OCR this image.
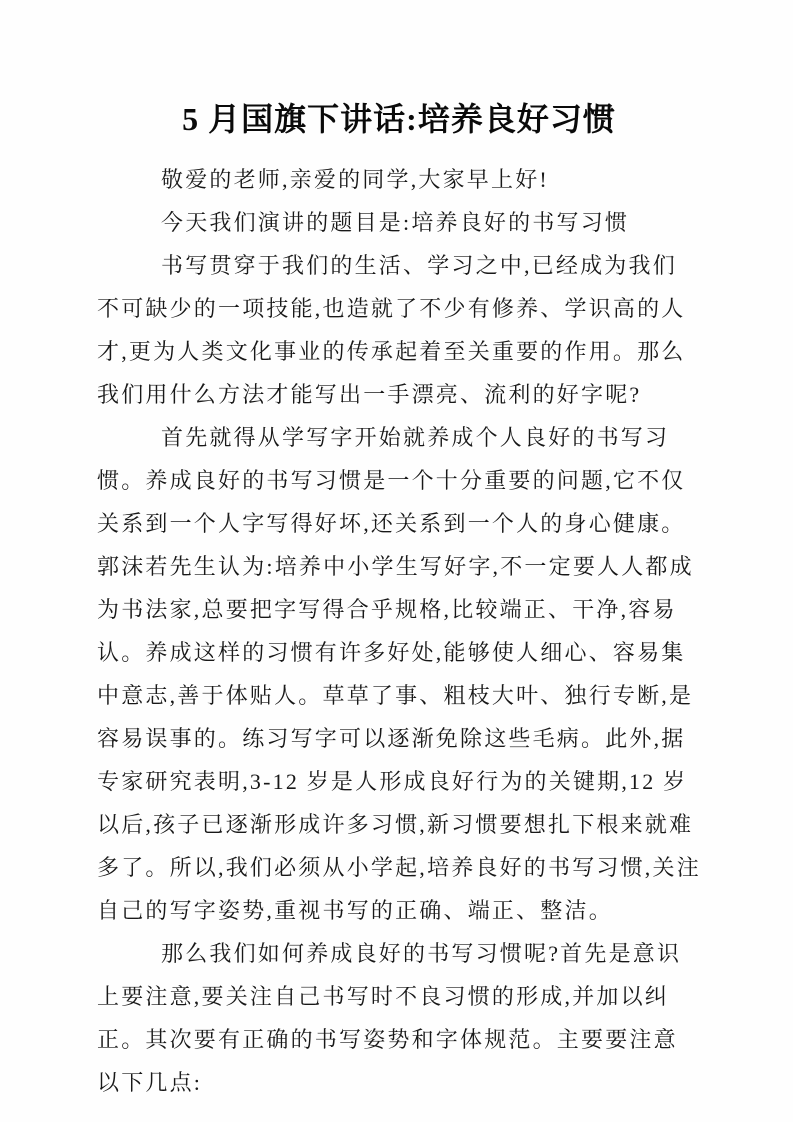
5 月国旗下讲话:培养良好习惯

敬爱的老师,亲爱的同学,大家早上好!

今天我们演讲的题目是:培养良好的书写习惯

书写贯穿于我们的生活、学习之中,已经成为我们不可缺少的一项技能,也造就了不少有修养、学识高的人才,更为人类文化事业的传承起着至关重要的作用。那么我们用什么方法才能写出一手漂亮、流利的好字呢?

首先就得从学写字开始就养成个人良好的书写习惯。养成良好的书写习惯是一个十分重要的问题,它不仅关系到一个人字写得好坏,还关系到一个人的身心健康。郭沫若先生认为:培养中小学生写好字,不一定要人人都成为书法家,总要把字写得合乎规格,比较端正、干净,容易认。养成这样的习惯有许多好处,能够使人细心、容易集中意志,善于体贴人。草草了事、粗枝大叶、独行专断,是容易误事的。练习写字可以逐渐免除这些毛病。此外,据专家研究表明,3-12 岁是人形成良好行为的关键期,12 岁以后,孩子已逐渐形成许多习惯,新习惯要想扎下根来就难多了。所以,我们必须从小学起,培养良好的书写习惯,关注自己的写字姿势,重视书写的正确、端正、整洁。

那么我们如何养成良好的书写习惯呢?首先是意识上要注意,要关注自己书写时不良习惯的形成,并加以纠正。其次要有正确的书写姿势和字体规范。主要要注意以下几点:
